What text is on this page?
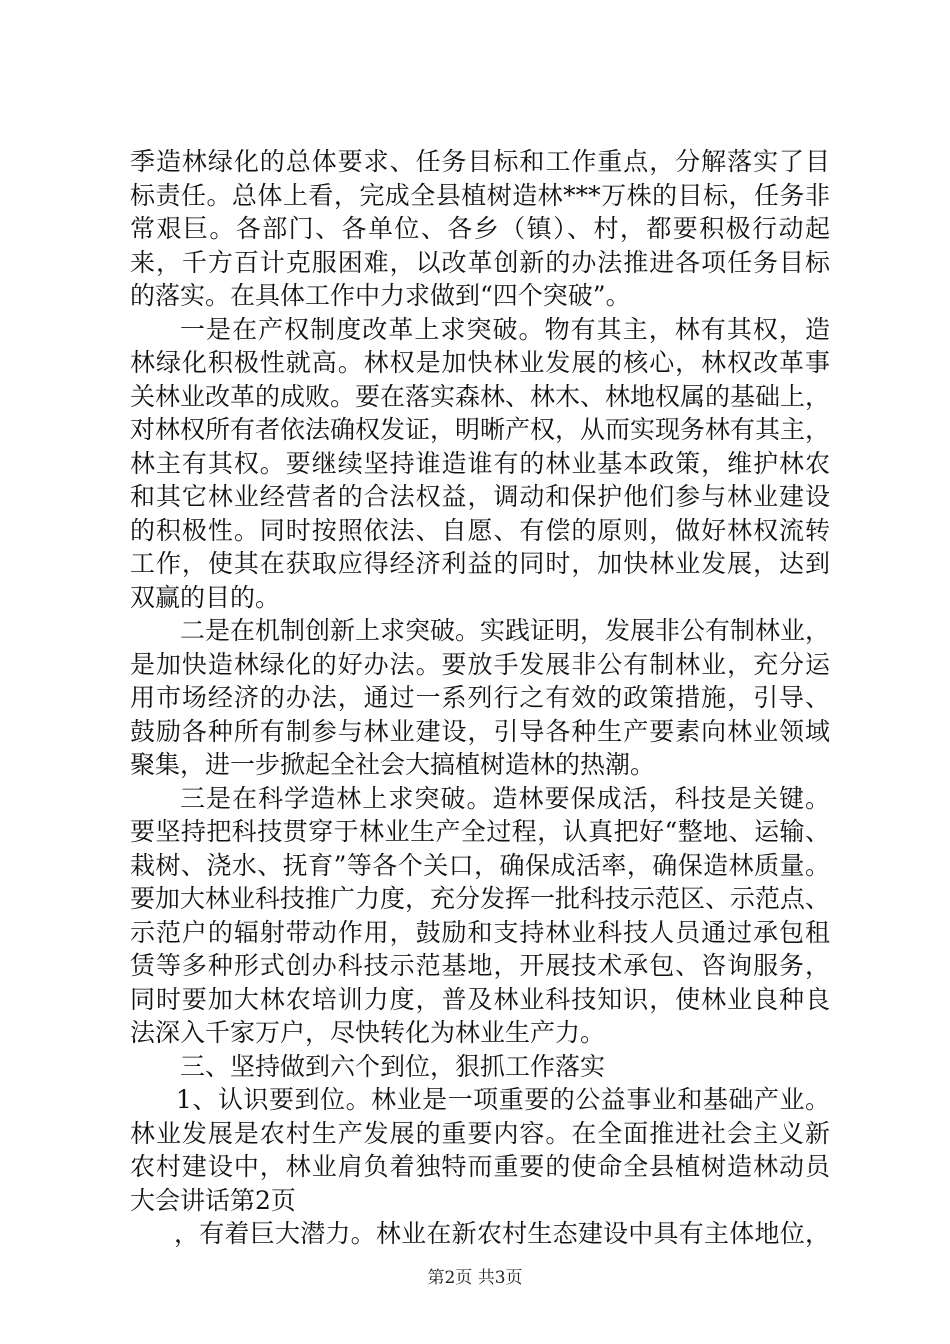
季造林绿化的总体要求、任务目标和工作重点，分解落实了目
标责任。总体上看，完成全县植树造林***万株的目标，任务非
常艰巨。各部门、各单位、各乡（镇）、村，都要积极行动起
来，千方百计克服困难，以改革创新的办法推进各项任务目标
的落实。在具体工作中力求做到“四个突破”。
一是在产权制度改革上求突破。物有其主，林有其权，造
林绿化积极性就高。林权是加快林业发展的核心，林权改革事
关林业改革的成败。要在落实森林、林木、林地权属的基础上，
对林权所有者依法确权发证，明晰产权，从而实现务林有其主，
林主有其权。要继续坚持谁造谁有的林业基本政策，维护林农
和其它林业经营者的合法权益，调动和保护他们参与林业建设
的积极性。同时按照依法、自愿、有偿的原则，做好林权流转
工作，使其在获取应得经济利益的同时，加快林业发展，达到
双赢的目的。
二是在机制创新上求突破。实践证明，发展非公有制林业，
是加快造林绿化的好办法。要放手发展非公有制林业，充分运
用市场经济的办法，通过一系列行之有效的政策措施，引导、
鼓励各种所有制参与林业建设，引导各种生产要素向林业领域
聚集，进一步掀起全社会大搞植树造林的热潮。
三是在科学造林上求突破。造林要保成活，科技是关键。
要坚持把科技贯穿于林业生产全过程，认真把好“整地、运输、
栽树、浇水、抚育”等各个关口，确保成活率，确保造林质量。
要加大林业科技推广力度，充分发挥一批科技示范区、示范点、
示范户的辐射带动作用，鼓励和支持林业科技人员通过承包租
赁等多种形式创办科技示范基地，开展技术承包、咨询服务，
同时要加大林农培训力度，普及林业科技知识，使林业良种良
法深入千家万户，尽快转化为林业生产力。
三、坚持做到六个到位，狠抓工作落实
1、认识要到位。林业是一项重要的公益事业和基础产业。
林业发展是农村生产发展的重要内容。在全面推进社会主义新
农村建设中，林业肩负着独特而重要的使命全县植树造林动员
大会讲话第2页
，有着巨大潜力。林业在新农村生态建设中具有主体地位，
第2页 共3页
